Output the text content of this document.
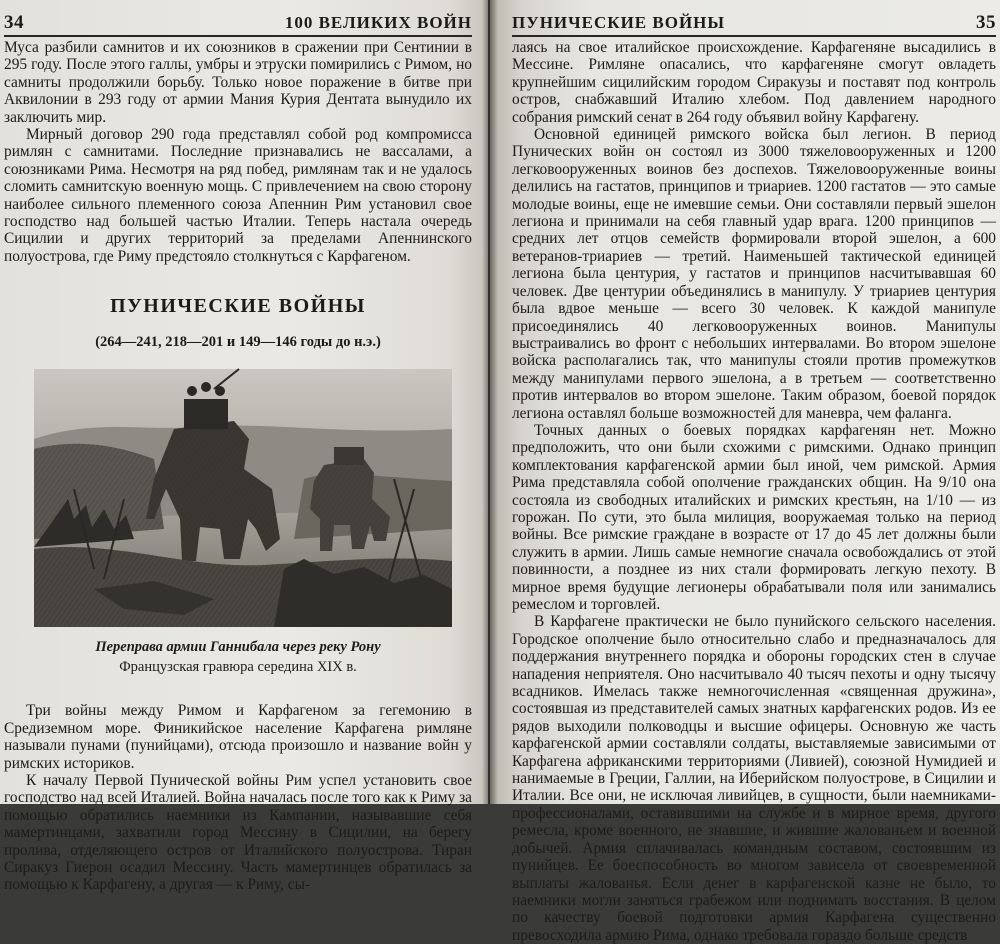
34	100 ВЕЛИКИХ ВОЙН

Муса разбили самнитов и их союзников в сражении при Сентинии в 295 году. После этого галлы, умбры и этруски помирились с Римом, но самниты продолжили борьбу. Только новое поражение в битве при Аквилонии в 293 году от армии Мания Курия Дентата вынудило их заключить мир.

Мирный договор 290 года представлял собой род компромисса римлян с самнитами. Последние признавались не вассалами, а союзниками Рима. Несмотря на ряд побед, римлянам так и не удалось сломить самнитскую военную мощь. С привлечением на свою сторону наиболее сильного племенного союза Апеннин Рим установил свое господство над большей частью Италии. Теперь настала очередь Сицилии и других территорий за пределами Апеннинского полуострова, где Риму предстояло столкнуться с Карфагеном.

ПУНИЧЕСКИЕ ВОЙНЫ
(264—241, 218—201 и 149—146 годы до н.э.)
Переправа армии Ганнибала через реку Рону
Французская гравюра середина XIX в.

Три войны между Римом и Карфагеном за гегемонию в Средиземном море. Финикийское население Карфагена римляне называли пунами (пунийцами), отсюда произошло и название войн у римских историков.

К началу Первой Пунической войны Рим успел установить свое господство над всей Италией. Война началась после того как к Риму за помощью обратились наемники из Кампании, называвшие себя мамертинцами, захватили город Мессину в Сицилии, на берегу пролива, отделяющего остров от Италийского полуострова. Тиран Сиракуз Гиерон осадил Мессину. Часть мамертинцев обратилась за помощью к Карфагену, а другая — к Риму, сы-

ПУНИЧЕСКИЕ ВОЙНЫ	35

лаясь на свое италийское происхождение. Карфагеняне высадились в Мессине. Римляне опасались, что карфагеняне смогут овладеть крупнейшим сицилийским городом Сиракузы и поставят под контроль остров, снабжавший Италию хлебом. Под давлением народного собрания римский сенат в 264 году объявил войну Карфагену.

Основной единицей римского войска был легион. В период Пунических войн он состоял из 3000 тяжеловооруженных и 1200 легковооруженных воинов без доспехов. Тяжеловооруженные воины делились на гастатов, принципов и триариев. 1200 гастатов — это самые молодые воины, еще не имевшие семьи. Они составляли первый эшелон легиона и принимали на себя главный удар врага. 1200 принципов — средних лет отцов семейств формировали второй эшелон, а 600 ветеранов-триариев — третий. Наименьшей тактической единицей легиона была центурия, у гастатов и принципов насчитывавшая 60 человек. Две центурии объединялись в манипулу. У триариев центурия была вдвое меньше — всего 30 человек. К каждой манипуле присоединялись 40 легковооруженных воинов. Манипулы выстраивались во фронт с небольших интервалами. Во втором эшелоне войска располагались так, что манипулы стояли против промежутков между манипулами первого эшелона, а в третьем — соответственно против интервалов во втором эшелоне. Таким образом, боевой порядок легиона оставлял больше возможностей для маневра, чем фаланга.

Точных данных о боевых порядках карфагенян нет. Можно предположить, что они были схожими с римскими. Однако принцип комплектования карфагенской армии был иной, чем римской. Армия Рима представляла собой ополчение гражданских общин. На 9/10 она состояла из свободных италийских и римских крестьян, на 1/10 — из горожан. По сути, это была милиция, вооружаемая только на период войны. Все римские граждане в возрасте от 17 до 45 лет должны были служить в армии. Лишь самые немногие сначала освобождались от этой повинности, а позднее из них стали формировать легкую пехоту. В мирное время будущие легионеры обрабатывали поля или занимались ремеслом и торговлей.

В Карфагене практически не было пунийского сельского населения. Городское ополчение было относительно слабо и предназначалось для поддержания внутреннего порядка и обороны городских стен в случае нападения неприятеля. Оно насчитывало 40 тысяч пехоты и одну тысячу всадников. Имелась также немногочисленная «священная дружина», состоявшая из представителей самых знатных карфагенских родов. Из ее рядов выходили полководцы и высшие офицеры. Основную же часть карфагенской армии составляли солдаты, выставляемые зависимыми от Карфагена африканскими территориями (Ливией), союзной Нумидией и нанимаемые в Греции, Галлии, на Иберийском полуострове, в Сицилии и Италии. Все они, не исключая ливийцев, в сущности, были наемниками-профессионалами, оставившими на службе и в мирное время, другого ремесла, кроме военного, не знавшие, и жившие жалованьем и военной добычей. Армия сплачивалась командным составом, состоявшим из пунийцев. Ее боеспособность во многом зависела от своевременной выплаты жалованья. Если денег в карфагенской казне не было, то наемники могли заняться грабежом или поднимать восстания. В целом по качеству боевой подготовки армия Карфагена существенно превосходила армию Рима, однако требовала гораздо больше средств
